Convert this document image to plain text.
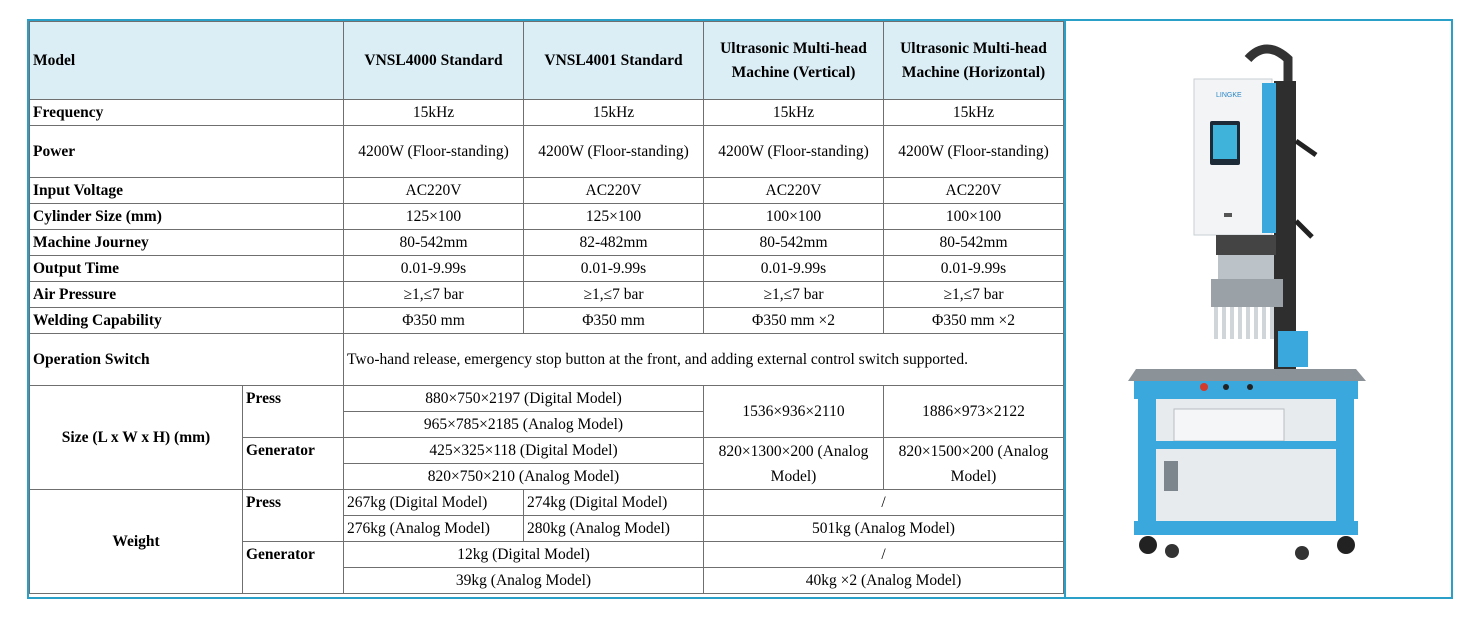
Model		VNSL4000 Standard	VNSL4001 Standard	Ultrasonic Multi-head Machine (Vertical)	Ultrasonic Multi-head Machine (Horizontal)
Frequency		15kHz	15kHz	15kHz	15kHz
Power		4200W (Floor-standing)	4200W (Floor-standing)	4200W (Floor-standing)	4200W (Floor-standing)
Input Voltage		AC220V	AC220V	AC220V	AC220V
Cylinder Size (mm)		125×100	125×100	100×100	100×100
Machine Journey		80-542mm	82-482mm	80-542mm	80-542mm
Output Time		0.01-9.99s	0.01-9.99s	0.01-9.99s	0.01-9.99s
Air Pressure		≥1,≤7 bar	≥1,≤7 bar	≥1,≤7 bar	≥1,≤7 bar
Welding Capability		Φ350 mm	Φ350 mm	Φ350 mm ×2	Φ350 mm ×2
Operation Switch		Two-hand release, emergency stop button at the front, and adding external control switch supported.			
Size (L x W x H) (mm)	Press	880×750×2197 (Digital Model)		1536×936×2110	1886×973×2122
		965×785×2185 (Analog Model)			
	Generator	425×325×118 (Digital Model)		820×1300×200 (Analog Model)	820×1500×200 (Analog Model)
		820×750×210 (Analog Model)			
Weight	Press	267kg (Digital Model)	274kg (Digital Model)	/	
		276kg (Analog Model)	280kg (Analog Model)	501kg (Analog Model)	
	Generator	12kg (Digital Model)		/	
		39kg (Analog Model)		40kg ×2 (Analog Model)	
LINGKE
